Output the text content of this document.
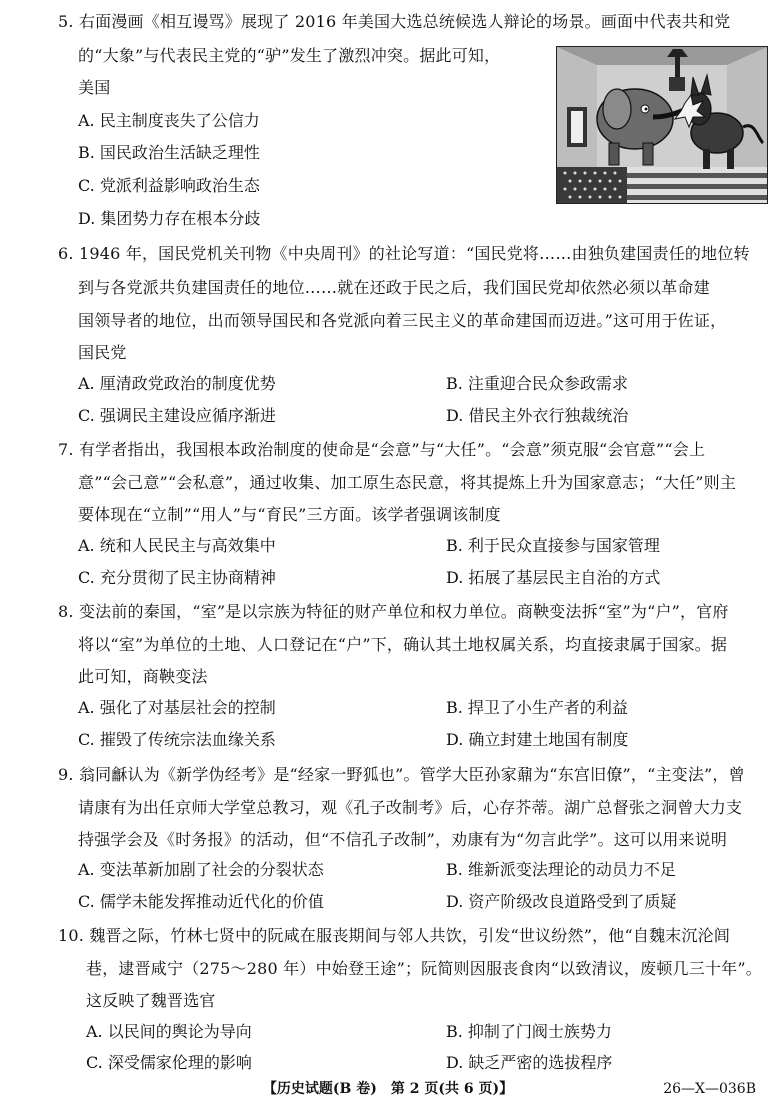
5. 右面漫画《相互谩骂》展现了 2016 年美国大选总统候选人辩论的场景。画面中代表共和党
的“大象”与代表民主党的“驴”发生了激烈冲突。据此可知，
美国
A. 民主制度丧失了公信力
B. 国民政治生活缺乏理性
C. 党派利益影响政治生态
D. 集团势力存在根本分歧
6. 1946 年，国民党机关刊物《中央周刊》的社论写道：“国民党将……由独负建国责任的地位转
到与各党派共负建国责任的地位……就在还政于民之后，我们国民党却依然必须以革命建
国领导者的地位，出而领导国民和各党派向着三民主义的革命建国而迈进。”这可用于佐证，
国民党
A. 厘清政党政治的制度优势	B. 注重迎合民众参政需求
C. 强调民主建设应循序渐进	D. 借民主外衣行独裁统治
7. 有学者指出，我国根本政治制度的使命是“会意”与“大任”。“会意”须克服“会官意”“会上
意”“会己意”“会私意”，通过收集、加工原生态民意，将其提炼上升为国家意志；“大任”则主
要体现在“立制”“用人”与“育民”三方面。该学者强调该制度
A. 统和人民民主与高效集中	B. 利于民众直接参与国家管理
C. 充分贯彻了民主协商精神	D. 拓展了基层民主自治的方式
8. 变法前的秦国，“室”是以宗族为特征的财产单位和权力单位。商鞅变法拆“室”为“户”，官府
将以“室”为单位的土地、人口登记在“户”下，确认其土地权属关系，均直接隶属于国家。据
此可知，商鞅变法
A. 强化了对基层社会的控制	B. 捍卫了小生产者的利益
C. 摧毁了传统宗法血缘关系	D. 确立封建土地国有制度
9. 翁同龢认为《新学伪经考》是“经家一野狐也”。管学大臣孙家鼐为“东宫旧僚”，“主变法”，曾
请康有为出任京师大学堂总教习，观《孔子改制考》后，心存芥蒂。湖广总督张之洞曾大力支
持强学会及《时务报》的活动，但“不信孔子改制”，劝康有为“勿言此学”。这可以用来说明
A. 变法革新加剧了社会的分裂状态	B. 维新派变法理论的动员力不足
C. 儒学未能发挥推动近代化的价值	D. 资产阶级改良道路受到了质疑
10. 魏晋之际，竹林七贤中的阮咸在服丧期间与邻人共饮，引发“世议纷然”，他“自魏末沉沦闾
巷，逮晋咸宁（275～280 年）中始登王途”；阮简则因服丧食肉“以致清议，废顿几三十年”。
这反映了魏晋选官
A. 以民间的舆论为导向	B. 抑制了门阀士族势力
C. 深受儒家伦理的影响	D. 缺乏严密的选拔程序
【历史试题(B 卷)　第 2 页(共 6 页)】	26—X—036B
